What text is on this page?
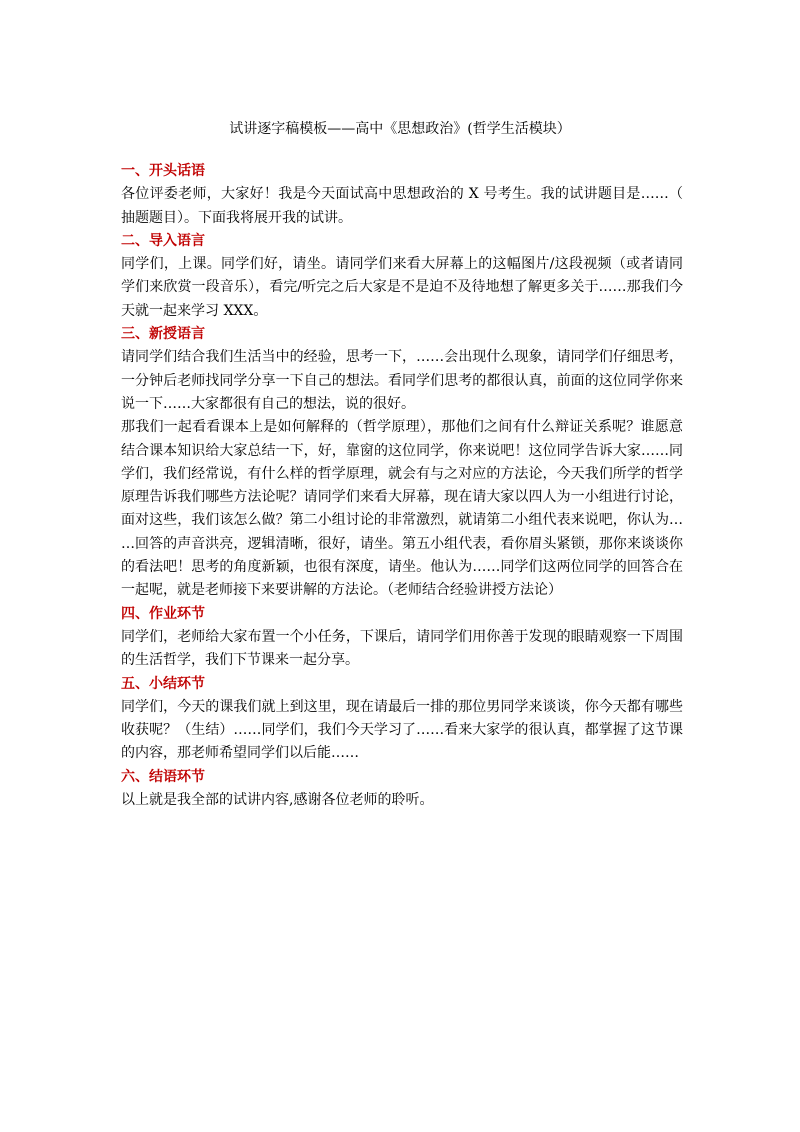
试讲逐字稿模板——高中《思想政治》(哲学生活模块）

一、开头话语

各位评委老师，大家好！我是今天面试高中思想政治的 X 号考生。我的试讲题目是……（抽题题目）。下面我将展开我的试讲。

二、导入语言

同学们，上课。同学们好，请坐。请同学们来看大屏幕上的这幅图片/这段视频（或者请同学们来欣赏一段音乐），看完/听完之后大家是不是迫不及待地想了解更多关于……那我们今天就一起来学习 XXX。

三、新授语言

请同学们结合我们生活当中的经验，思考一下，……会出现什么现象，请同学们仔细思考，一分钟后老师找同学分享一下自己的想法。看同学们思考的都很认真，前面的这位同学你来说一下……大家都很有自己的想法，说的很好。

那我们一起看看课本上是如何解释的（哲学原理），那他们之间有什么辩证关系呢？谁愿意结合课本知识给大家总结一下，好，靠窗的这位同学，你来说吧！这位同学告诉大家……同学们，我们经常说，有什么样的哲学原理，就会有与之对应的方法论，今天我们所学的哲学原理告诉我们哪些方法论呢？请同学们来看大屏幕，现在请大家以四人为一小组进行讨论，面对这些，我们该怎么做？第二小组讨论的非常激烈，就请第二小组代表来说吧，你认为……回答的声音洪亮，逻辑清晰，很好，请坐。第五小组代表，看你眉头紧锁，那你来谈谈你的看法吧！思考的角度新颖，也很有深度，请坐。他认为……同学们这两位同学的回答合在一起呢，就是老师接下来要讲解的方法论。（老师结合经验讲授方法论）

四、作业环节

同学们，老师给大家布置一个小任务，下课后，请同学们用你善于发现的眼睛观察一下周围的生活哲学，我们下节课来一起分享。

五、小结环节

同学们，今天的课我们就上到这里，现在请最后一排的那位男同学来谈谈，你今天都有哪些收获呢？（生结）……同学们，我们今天学习了……看来大家学的很认真，都掌握了这节课的内容，那老师希望同学们以后能……

六、结语环节

以上就是我全部的试讲内容,感谢各位老师的聆听。
